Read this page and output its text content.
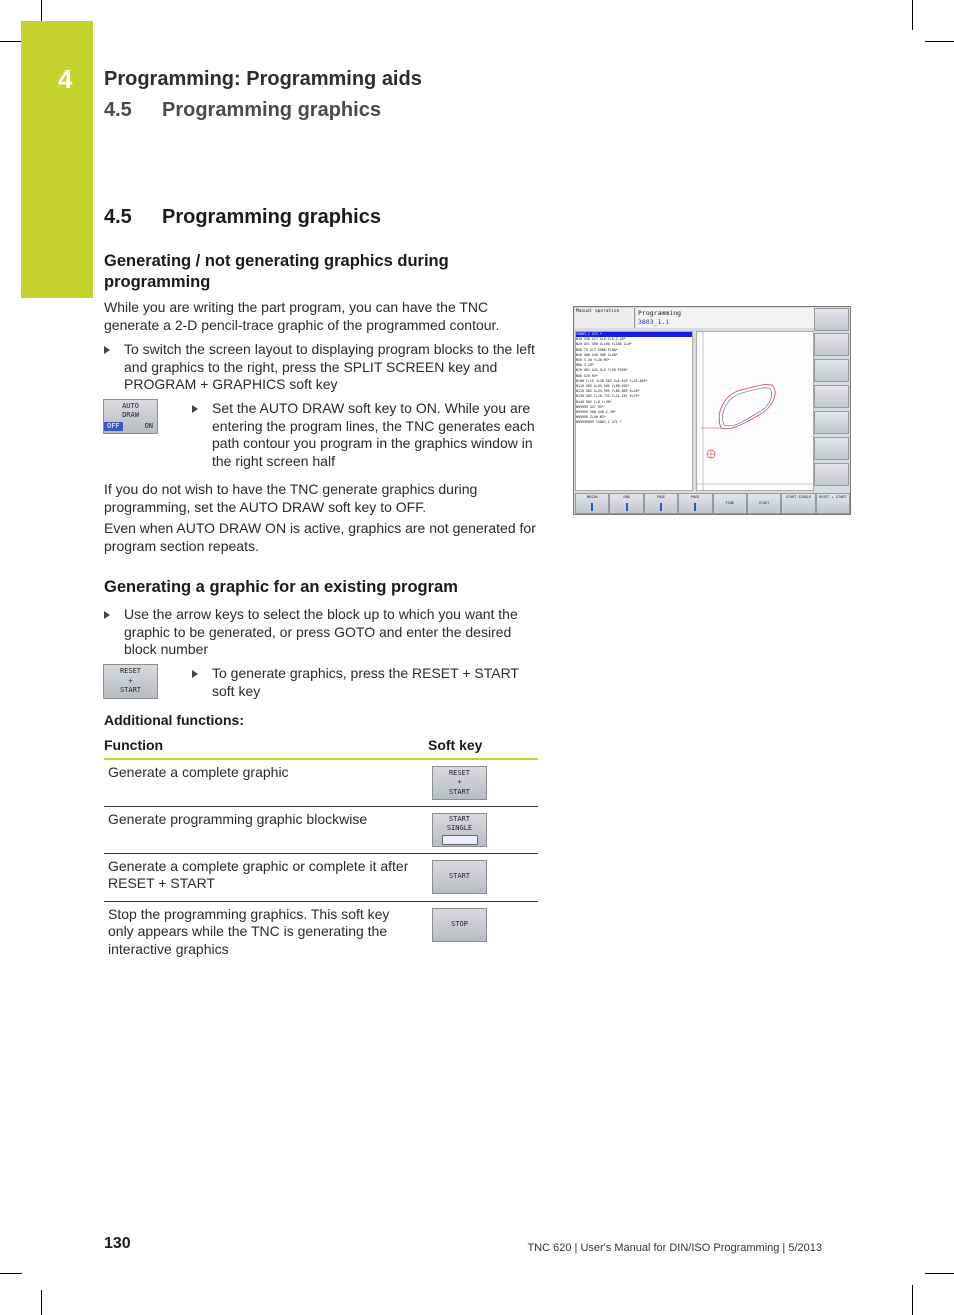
4 Programming: Programming aids
4.5 Programming graphics
4.5 Programming graphics
Generating / not generating graphics during programming
While you are writing the part program, you can have the TNC generate a 2-D pencil-trace graphic of the programmed contour.
To switch the screen layout to displaying program blocks to the left and graphics to the right, press the SPLIT SCREEN key and PROGRAM + GRAPHICS soft key
AUTO
DRAW
OFF	ON
Set the AUTO DRAW soft key to ON. While you are entering the program lines, the TNC generates each path contour you program in the graphics window in the right screen half
If you do not wish to have the TNC generate graphics during programming, set the AUTO DRAW soft key to OFF.
Even when AUTO DRAW ON is active, graphics are not generated for program section repeats.
Generating a graphic for an existing program
Use the arrow keys to select the block up to which you want the graphic to be generated, or press GOTO and enter the desired block number
RESET
+
START
To generate graphics, press the RESET + START soft key
Additional functions:
Function	Soft key
Generate a complete graphic	RESET
+
START

Generate programming graphic blockwise	START
SINGLE

Generate a complete graphic or complete it after RESET + START	START

Stop the programming graphics. This soft key only appears while the TNC is generating the interactive graphics	STOP
Manual operation	Programming
3803_1.i
%3803_1 G71 *
N10 G30 G17 X+0 Y+0 Z-40*
N20 G31 G90 X+100 Y+100 Z+0*
N30 T5 G17 S500 F100*
N40 G00 G40 G90 Z+50*
N50 X-30 Y+30 M3*
N60 Z-20*
N70 G01 G41 X+5 Y+30 F250*
N80 G26 R5*
N100 I+15 J+30 G02 X+8.645 Y+35.485*
N110 G05 X+85.505 Y+60.402*
N120 G02 X+53.995 Y+85.805 R+20*
N130 G02 I+16.732 Y+21.161 R+75*
N140 G02 I+6 Y+30*
N99999 G27 R5*
N99999 G00 G40 X-30*
N99999 Z+50 M2*
N99999999 %3803_1 G71 *
BEGIN	END	PAGE	PAGE
FIND	START
START SINGLE	RESET + START
130	TNC 620 | User's Manual for DIN/ISO Programming | 5/2013
